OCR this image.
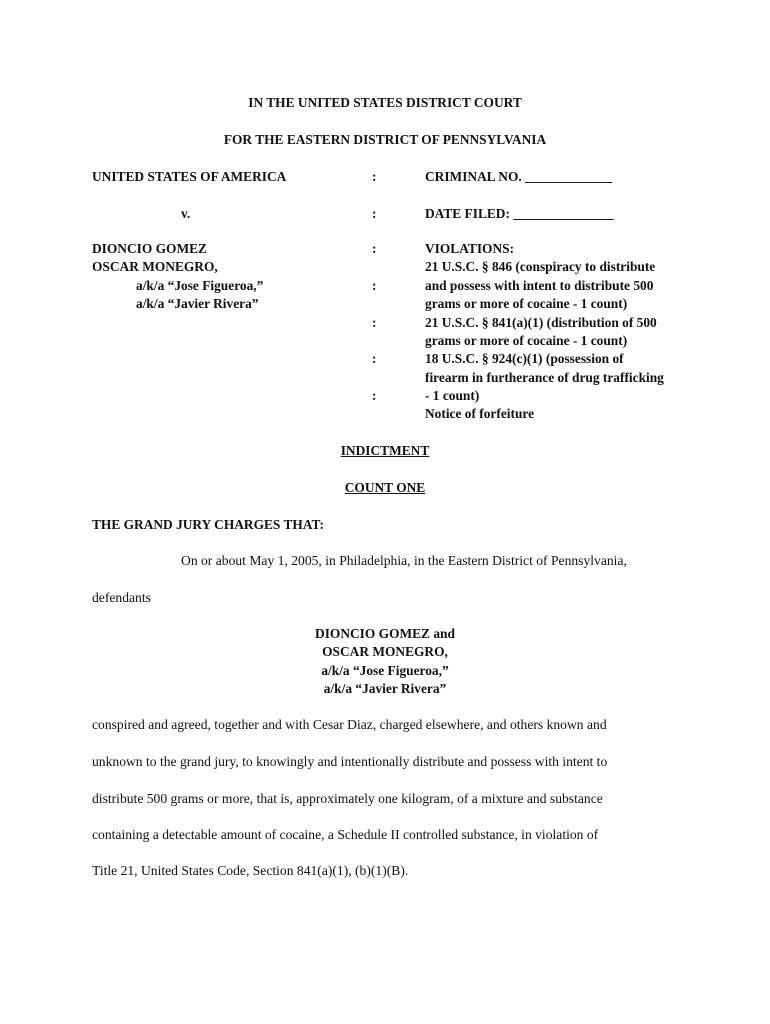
IN THE UNITED STATES DISTRICT COURT
FOR THE EASTERN DISTRICT OF PENNSYLVANIA
UNITED STATES OF AMERICA
v.
DIONCIO GOMEZ
OSCAR MONEGRO,
a/k/a “Jose Figueroa,”
a/k/a “Javier Rivera”
:
:
:
:
:
:
:
CRIMINAL NO. _____________
DATE FILED: _______________
VIOLATIONS:
21 U.S.C. § 846 (conspiracy to distribute
and possess with intent to distribute 500
grams or more of cocaine - 1 count)
21 U.S.C. § 841(a)(1) (distribution of 500
grams or more of cocaine - 1 count)
18 U.S.C. § 924(c)(1) (possession of
firearm in furtherance of drug trafficking
- 1 count)
Notice of forfeiture
INDICTMENT
COUNT ONE
THE GRAND JURY CHARGES THAT:
On or about May 1, 2005, in Philadelphia, in the Eastern District of Pennsylvania,
defendants
DIONCIO GOMEZ and
OSCAR MONEGRO,
a/k/a “Jose Figueroa,”
a/k/a “Javier Rivera”
conspired and agreed, together and with Cesar Diaz, charged elsewhere, and others known and
unknown to the grand jury, to knowingly and intentionally distribute and possess with intent to
distribute 500 grams or more, that is, approximately one kilogram, of a mixture and substance
containing a detectable amount of cocaine, a Schedule II controlled substance, in violation of
Title 21, United States Code, Section 841(a)(1), (b)(1)(B).
